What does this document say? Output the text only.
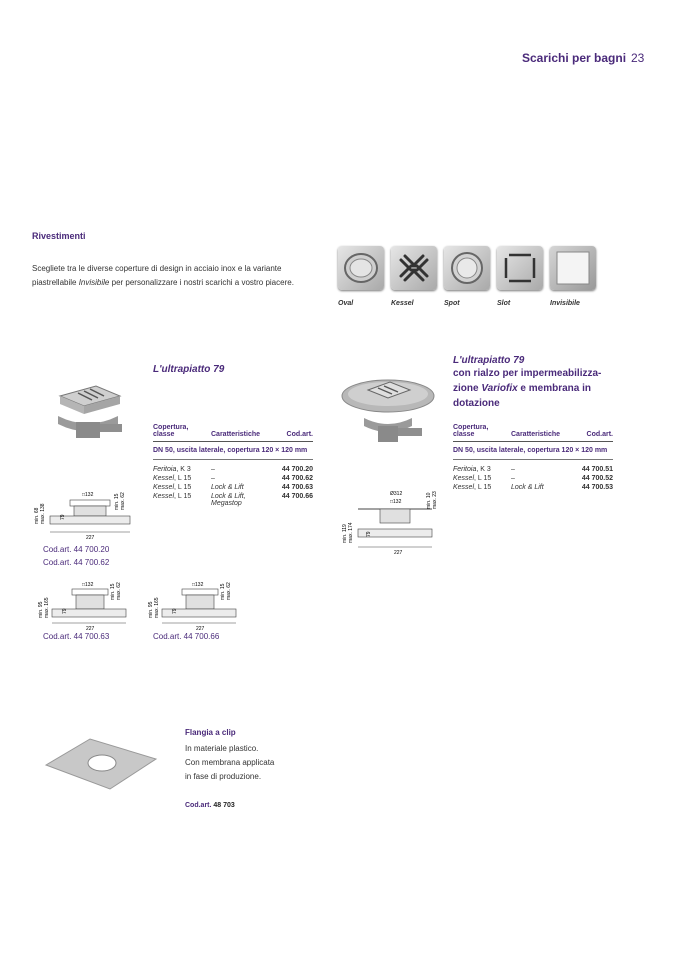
Scarichi per bagni 23
Rivestimenti
Scegliete tra le diverse coperture di design in acciaio inox e la variante piastrellabile Invisibile per personalizzare i nostri scarichi a vostro piacere.
Oval	Kessel	Spot	Slot	Invisibile
L'ultrapiatto 79
Copertura, classe	Caratteristiche	Cod.art.
DN 50, uscita laterale, copertura 120 × 120 mm		
Feritoia, K 3	–	44 700.20
Kessel, L 15	–	44 700.62
Kessel, L 15	Lock & Lift	44 700.63
Kessel, L 15	Lock & Lift, Megastop	44 700.66
□132
227
min. 68 max. 138	79
min. 15 max. 62
Cod.art. 44 700.20
Cod.art. 44 700.62
□132
227
min. 95 max. 165 79
min. 15 max. 62
Cod.art. 44 700.63
□132
227
min. 95 max. 165 79
min. 15 max. 62
Cod.art. 44 700.66
L'ultrapiatto 79
con rialzo per impermeabilizza-
zione Variofix e membrana in
dotazione
Copertura, classe	Caratteristiche	Cod.art.
DN 50, uscita laterale, copertura 120 × 120 mm		
Feritoia, K 3	–	44 700.51
Kessel, L 15	–	44 700.52
Kessel, L 15	Lock & Lift	44 700.53
Ø312
□132
227
min. 119 max. 174 79
min. 10 max. 23
Flangia a clip
In materiale plastico.
Con membrana applicata
in fase di produzione.
Cod.art. 48 703
